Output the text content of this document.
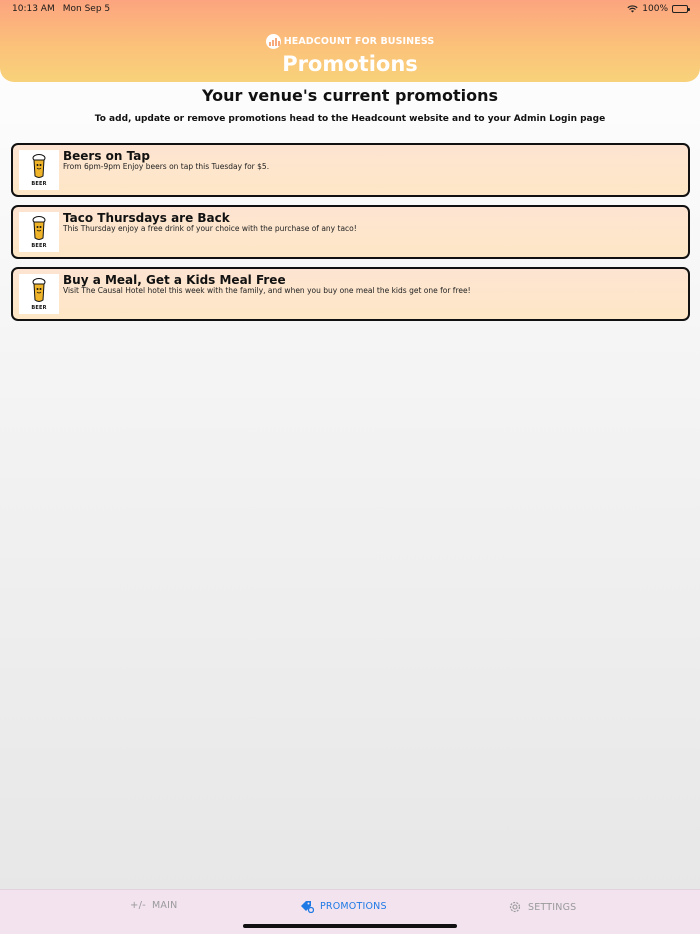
10:13 AM Mon Sep 5	100%
HEADCOUNT FOR BUSINESS
Promotions
Your venue's current promotions
To add, update or remove promotions head to the Headcount website and to your Admin Login page
BEER
Beers on Tap
From 6pm-9pm Enjoy beers on tap this Tuesday for $5.
BEER
Taco Thursdays are Back
This Thursday enjoy a free drink of your choice with the purchase of any taco!
BEER
Buy a Meal, Get a Kids Meal Free
Visit The Causal Hotel hotel this week with the family, and when you buy one meal the kids get one for free!
+/- MAIN	PROMOTIONS	SETTINGS
